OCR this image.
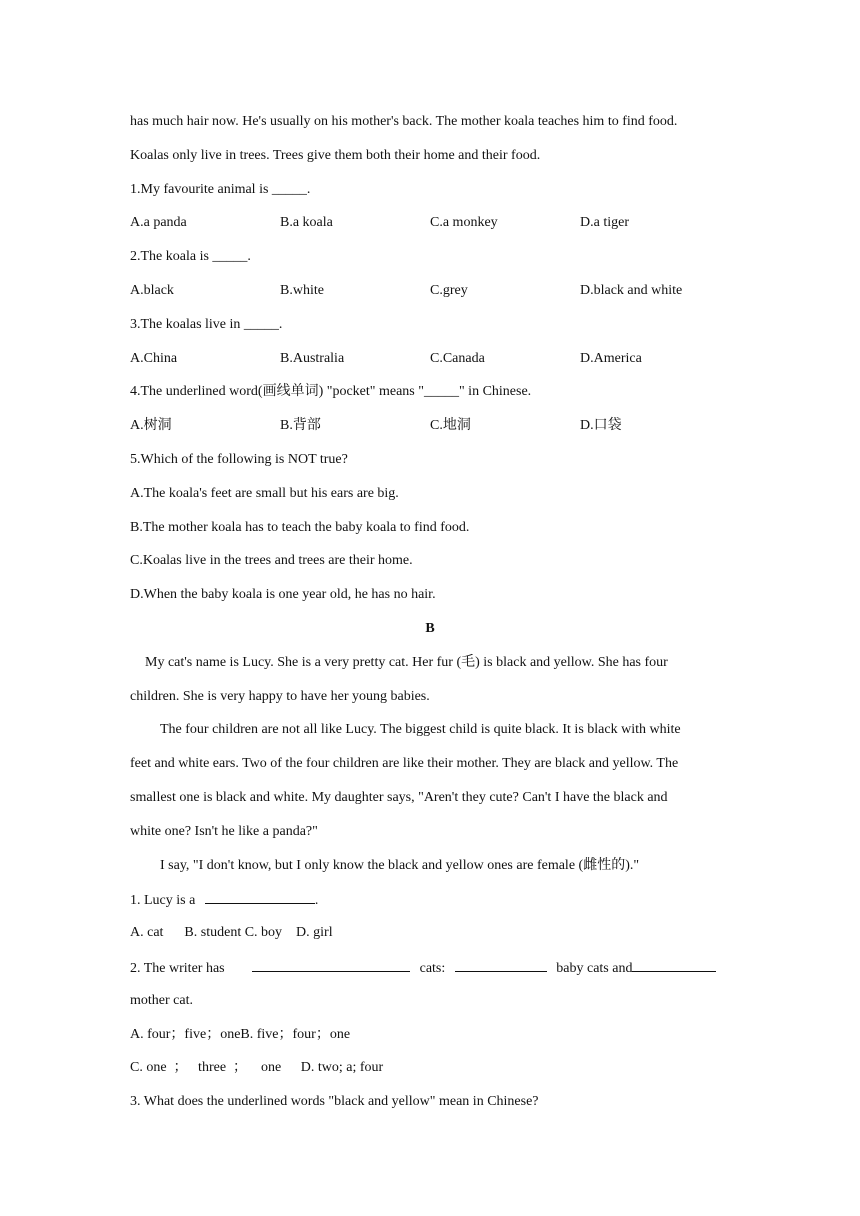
has much hair now. He's usually on his mother's back. The mother koala teaches him to find food.
Koalas only live in trees. Trees give them both their home and their food.
1.My favourite animal is _____.
A.a panda	B.a koala	C.a monkey	D.a tiger
2.The koala is _____.
A.black	B.white	C.grey	D.black and white
3.The koalas live in _____.
A.China	B.Australia	C.Canada	D.America
4.The underlined word(画线单词) "pocket" means "_____" in Chinese.
A.树洞	B.背部	C.地洞	D.口袋
5.Which of the following is NOT true?
A.The koala's feet are small but his ears are big.
B.The mother koala has to teach the baby koala to find food.
C.Koalas live in the trees and trees are their home.
D.When the baby koala is one year old, he has no hair.
B
My cat's name is Lucy. She is a very pretty cat. Her fur (毛) is black and yellow. She has four
children. She is very happy to have her young babies.
The four children are not all like Lucy. The biggest child is quite black. It is black with white
feet and white ears. Two of the four children are like their mother. They are black and yellow. The
smallest one is black and white. My daughter says, "Aren't they cute? Can't I have the black and
white one? Isn't he like a panda?"
I say, "I don't know, but I only know the black and yellow ones are female (雌性的)."
1. Lucy is a	.
A. cat      B. student C. boy    D. girl
2. The writer has	cats:	baby cats and
mother cat.
A. four；five；oneB. five；four；one
C. one  ；   three  ；    one D. two; a; four
3. What does the underlined words "black and yellow" mean in Chinese?
